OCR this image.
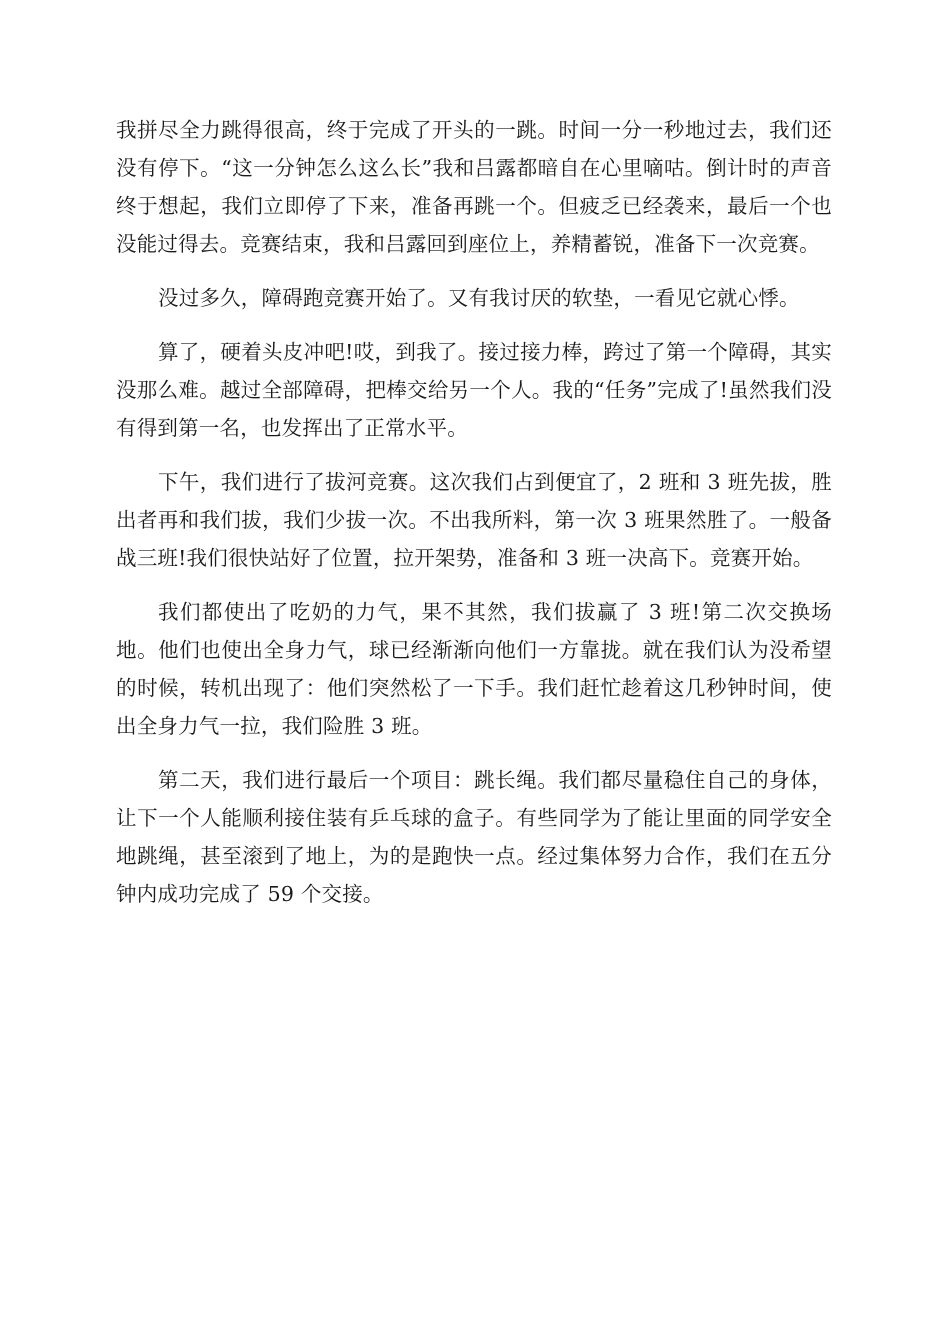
我拼尽全力跳得很高，终于完成了开头的一跳。时间一分一秒地过去，我们还没有停下。“这一分钟怎么这么长”我和吕露都暗自在心里嘀咕。倒计时的声音终于想起，我们立即停了下来，准备再跳一个。但疲乏已经袭来，最后一个也没能过得去。竞赛结束，我和吕露回到座位上，养精蓄锐，准备下一次竞赛。

没过多久，障碍跑竞赛开始了。又有我讨厌的软垫，一看见它就心悸。

算了，硬着头皮冲吧!哎，到我了。接过接力棒，跨过了第一个障碍，其实没那么难。越过全部障碍，把棒交给另一个人。我的“任务”完成了!虽然我们没有得到第一名，也发挥出了正常水平。

下午，我们进行了拔河竞赛。这次我们占到便宜了，2 班和 3 班先拔，胜出者再和我们拔，我们少拔一次。不出我所料，第一次 3 班果然胜了。一般备战三班!我们很快站好了位置，拉开架势，准备和 3 班一决高下。竞赛开始。

我们都使出了吃奶的力气，果不其然，我们拔赢了 3 班!第二次交换场地。他们也使出全身力气，球已经渐渐向他们一方靠拢。就在我们认为没希望的时候，转机出现了：他们突然松了一下手。我们赶忙趁着这几秒钟时间，使出全身力气一拉，我们险胜 3 班。

第二天，我们进行最后一个项目：跳长绳。我们都尽量稳住自己的身体，让下一个人能顺利接住装有乒乓球的盒子。有些同学为了能让里面的同学安全地跳绳，甚至滚到了地上，为的是跑快一点。经过集体努力合作，我们在五分钟内成功完成了 59 个交接。
